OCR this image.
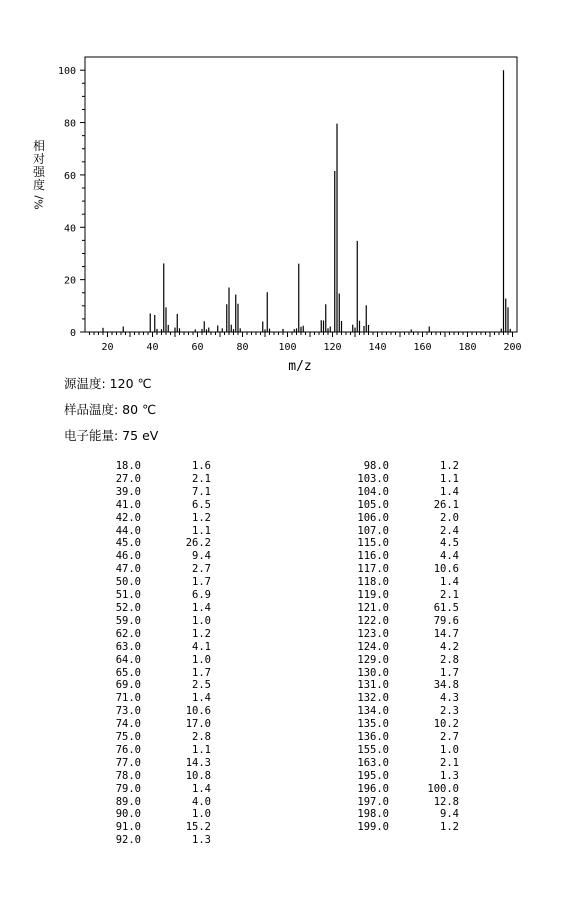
20	40	60	80	100	120	140	160	180	200
0
20
40
60
80
100
m/z
相
对
强
度
%/
源温度: 120 ℃
样品温度: 80 ℃
电子能量: 75 eV
18.0	1.6
27.0	2.1
39.0	7.1
41.0	6.5
42.0	1.2
44.0	1.1
45.0	26.2
46.0	9.4
47.0	2.7
50.0	1.7
51.0	6.9
52.0	1.4
59.0	1.0
62.0	1.2
63.0	4.1
64.0	1.0
65.0	1.7
69.0	2.5
71.0	1.4
73.0	10.6
74.0	17.0
75.0	2.8
76.0	1.1
77.0	14.3
78.0	10.8
79.0	1.4
89.0	4.0
90.0	1.0
91.0	15.2
92.0	1.3
98.0	1.2
103.0	1.1
104.0	1.4
105.0	26.1
106.0	2.0
107.0	2.4
115.0	4.5
116.0	4.4
117.0	10.6
118.0	1.4
119.0	2.1
121.0	61.5
122.0	79.6
123.0	14.7
124.0	4.2
129.0	2.8
130.0	1.7
131.0	34.8
132.0	4.3
134.0	2.3
135.0	10.2
136.0	2.7
155.0	1.0
163.0	2.1
195.0	1.3
196.0	100.0
197.0	12.8
198.0	9.4
199.0	1.2
